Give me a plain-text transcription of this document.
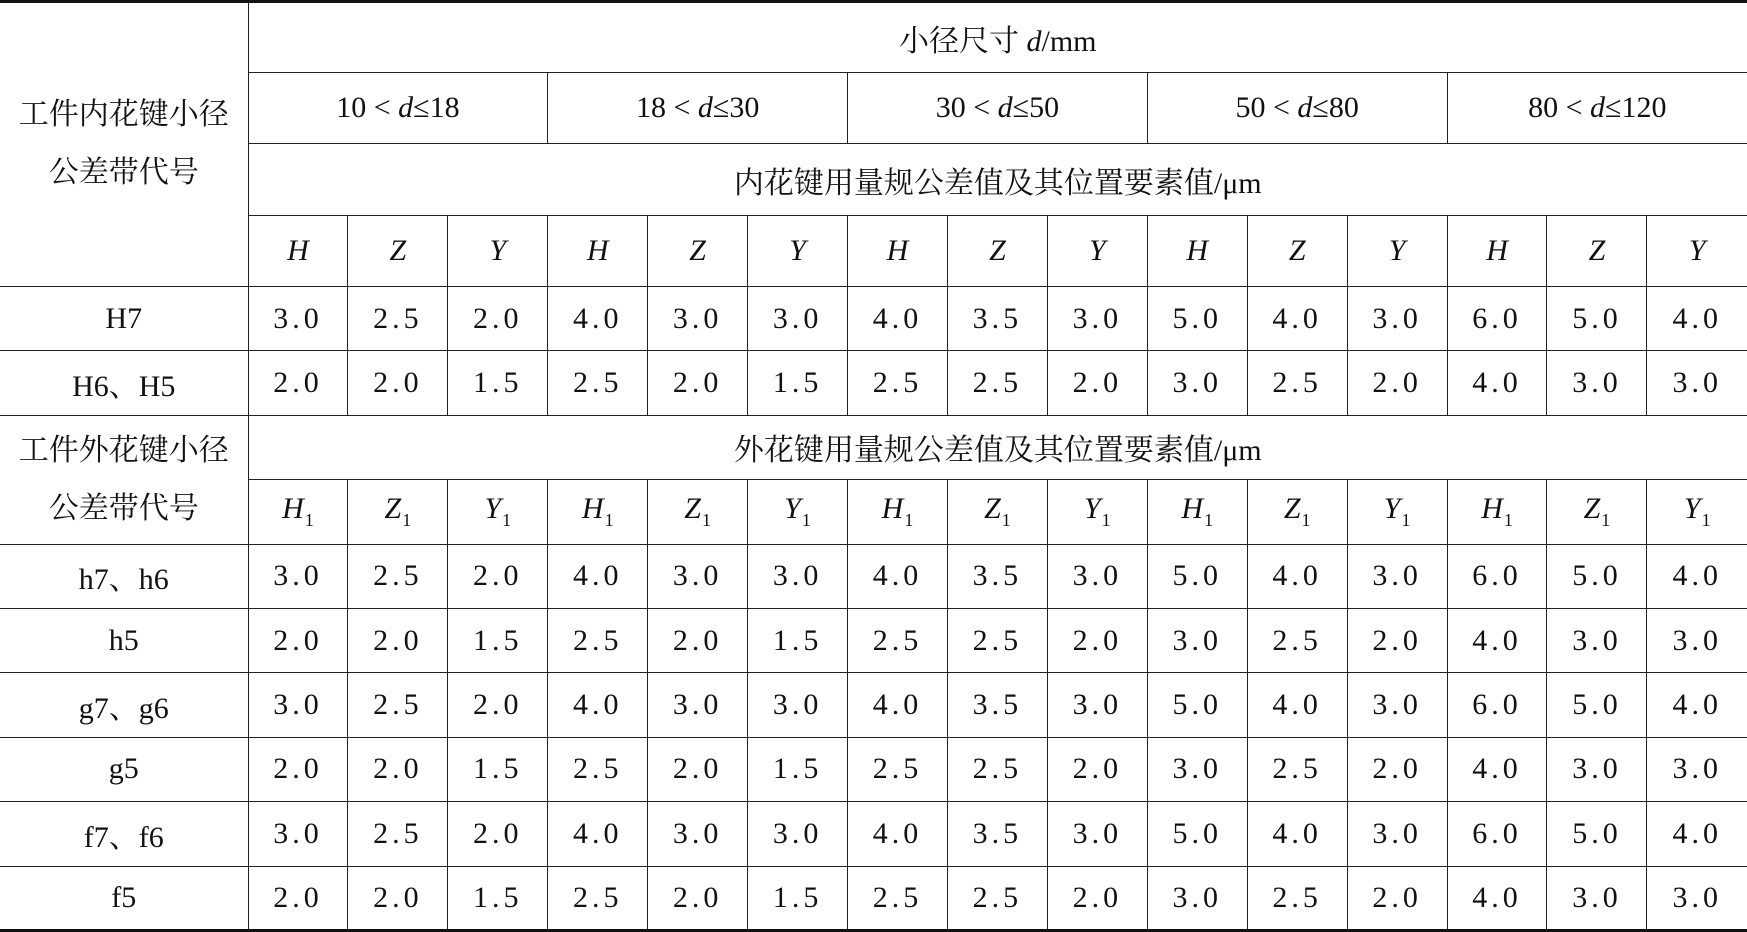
工件内花键小径公差带代号	小径尺寸 d/mm														
	10 < d≤18			18 < d≤30			30 < d≤50			50 < d≤80			80 < d≤120		
	内花键用量规公差值及其位置要素值/μm														
	H	Z	Y	H	Z	Y	H	Z	Y	H	Z	Y	H	Z	Y
H7	3.0	2.5	2.0	4.0	3.0	3.0	4.0	3.5	3.0	5.0	4.0	3.0	6.0	5.0	4.0
H6、H5	2.0	2.0	1.5	2.5	2.0	1.5	2.5	2.5	2.0	3.0	2.5	2.0	4.0	3.0	3.0

工件外花键小径公差带代号	外花键用量规公差值及其位置要素值/μm														
	$H_1$	$Z_1$	$Y_1$	$H_1$	$Z_1$	$Y_1$	$H_1$	$Z_1$	$Y_1$	$H_1$	$Z_1$	$Y_1$	$H_1$	$Z_1$	$Y_1$
h7、h6	3.0	2.5	2.0	4.0	3.0	3.0	4.0	3.5	3.0	5.0	4.0	3.0	6.0	5.0	4.0
h5	2.0	2.0	1.5	2.5	2.0	1.5	2.5	2.5	2.0	3.0	2.5	2.0	4.0	3.0	3.0
g7、g6	3.0	2.5	2.0	4.0	3.0	3.0	4.0	3.5	3.0	5.0	4.0	3.0	6.0	5.0	4.0
g5	2.0	2.0	1.5	2.5	2.0	1.5	2.5	2.5	2.0	3.0	2.5	2.0	4.0	3.0	3.0
f7、f6	3.0	2.5	2.0	4.0	3.0	3.0	4.0	3.5	3.0	5.0	4.0	3.0	6.0	5.0	4.0
f5	2.0	2.0	1.5	2.5	2.0	1.5	2.5	2.5	2.0	3.0	2.5	2.0	4.0	3.0	3.0
